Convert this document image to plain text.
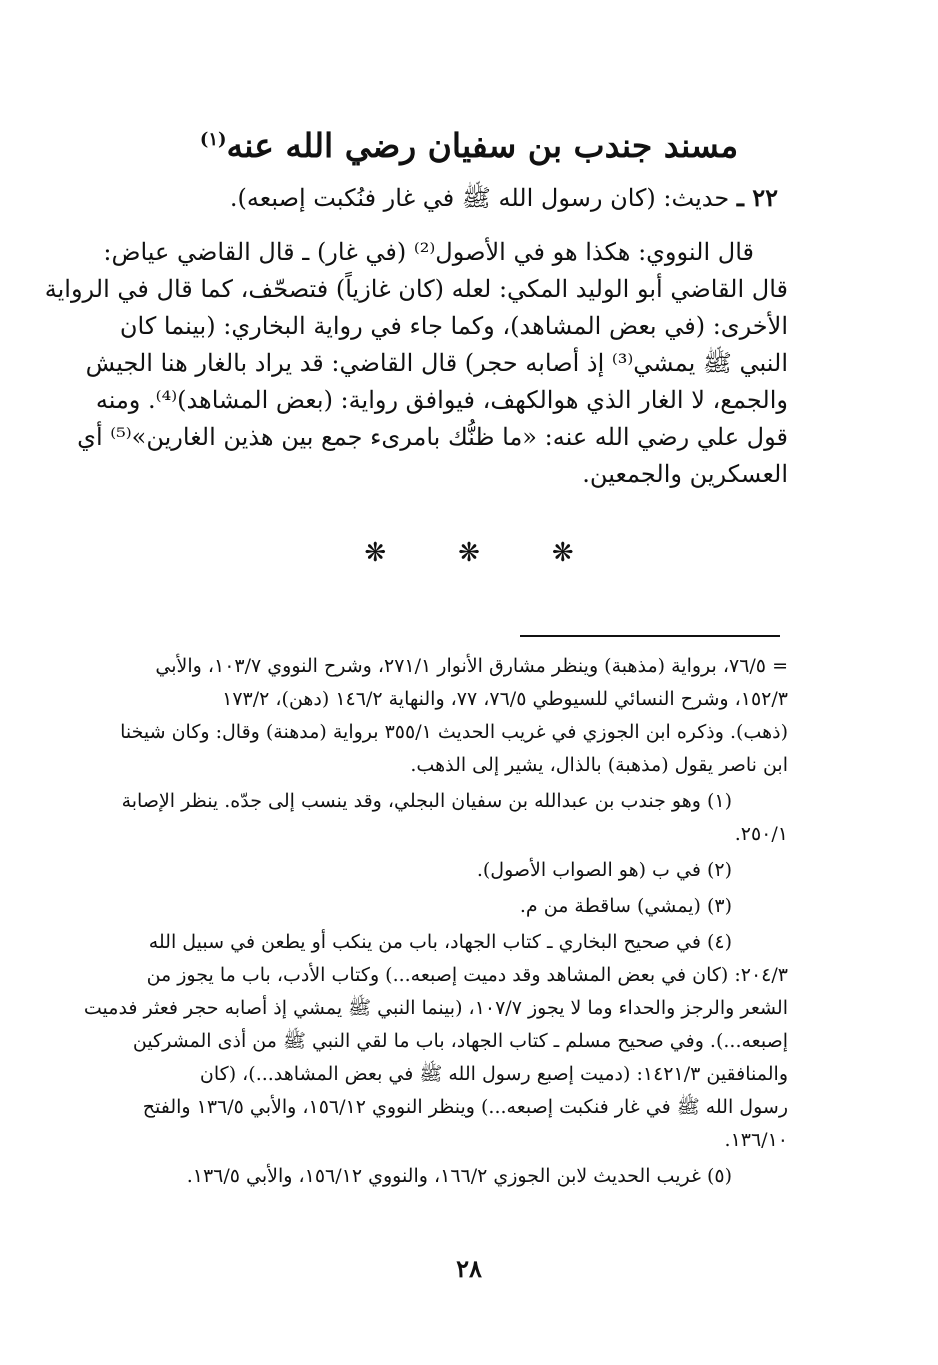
مسند جندب بن سفيان رضي الله عنه$^{(١)}$
٢٢ ـ حديث: (كان رسول الله ﷺ في غار فنُكبت إصبعه).
قال النووي: هكذا هو في الأصول⁽²⁾ (في غار) ـ قال القاضي عياض:
قال القاضي أبو الوليد المكي: لعله (كان غازياً) فتصحّف، كما قال في الرواية
الأخرى: (في بعض المشاهد)، وكما جاء في رواية البخاري: (بينما كان
النبي ﷺ يمشي⁽³⁾ إذ أصابه حجر) قال القاضي: قد يراد بالغار هنا الجيش
والجمع، لا الغار الذي هوالكهف، فيوافق رواية: (بعض المشاهد)⁽⁴⁾. ومنه
قول علي رضي الله عنه: «ما ظنُّك بامرىء جمع بين هذين الغارين»⁽⁵⁾ أي
العسكرين والجمعين.
❋
❋
❋
= ٧٦/٥، برواية (مذهبة) وينظر مشارق الأنوار ٢٧١/١، وشرح النووي ١٠٣/٧، والأبي
١٥٢/٣، وشرح النسائي للسيوطي ٧٦/٥، ٧٧، والنهاية ١٤٦/٢ (دهن)، ١٧٣/٢
(ذهب). وذكره ابن الجوزي في غريب الحديث ٣٥٥/١ برواية (مدهنة) وقال: وكان شيخنا
ابن ناصر يقول (مذهبة) بالذال، يشير إلى الذهب.
(١) وهو جندب بن عبدالله بن سفيان البجلي، وقد ينسب إلى جدّه. ينظر الإصابة
٢٥٠/١.
(٢) في ب (هو الصواب الأصول).
(٣) (يمشي) ساقطة من م.
(٤) في صحيح البخاري ـ كتاب الجهاد، باب من ينكب أو يطعن في سبيل الله
٢٠٤/٣: (كان في بعض المشاهد وقد دميت إصبعه...) وكتاب الأدب، باب ما يجوز من
الشعر والرجز والحداء وما لا يجوز ١٠٧/٧، (بينما النبي ﷺ يمشي إذ أصابه حجر فعثر فدميت
إصبعه...). وفي صحيح مسلم ـ كتاب الجهاد، باب ما لقي النبي ﷺ من أذى المشركين
والمنافقين ١٤٢١/٣: (دميت إصبع رسول الله ﷺ في بعض المشاهد...)، (كان
رسول الله ﷺ في غار فنكبت إصبعه...) وينظر النووي ١٥٦/١٢، والأبي ١٣٦/٥ والفتح
١٣٦/١٠.
(٥) غريب الحديث لابن الجوزي ١٦٦/٢، والنووي ١٥٦/١٢، والأبي ١٣٦/٥.
٢٨
